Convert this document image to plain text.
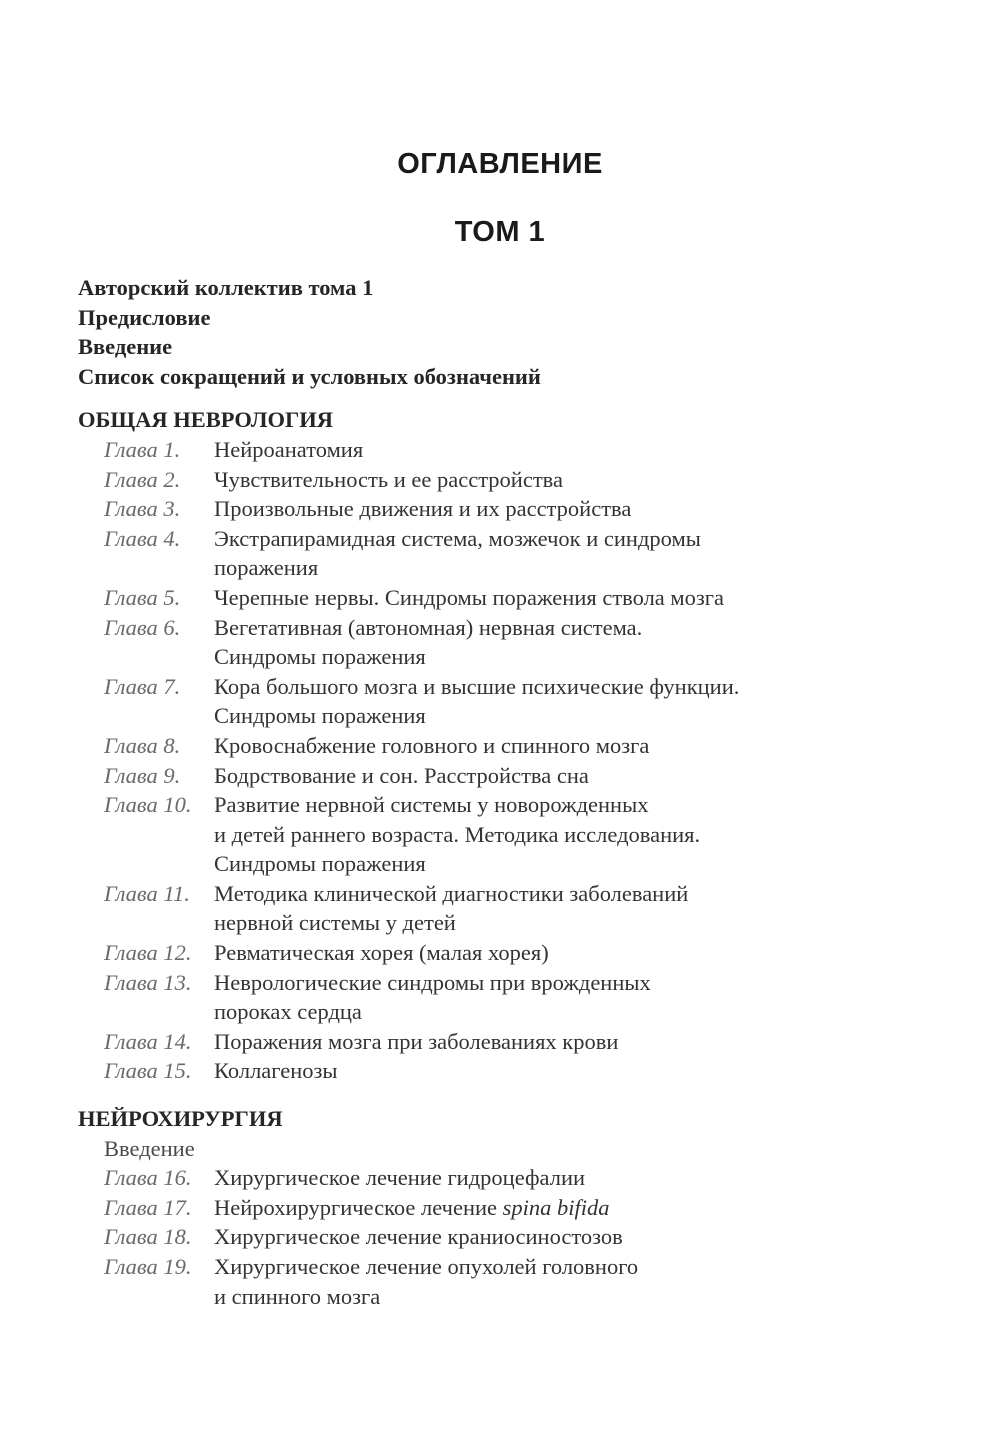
ОГЛАВЛЕНИЕ
ТОМ 1
Авторский коллектив тома 1
Предисловие
Введение
Список сокращений и условных обозначений
ОБЩАЯ НЕВРОЛОГИЯ
Глава 1.	Нейроанатомия
Глава 2.	Чувствительность и ее расстройства
Глава 3.	Произвольные движения и их расстройства
Глава 4.	Экстрапирамидная система, мозжечок и синдромы
поражения
Глава 5.	Черепные нервы. Синдромы поражения ствола мозга
Глава 6.	Вегетативная (автономная) нервная система.
Синдромы поражения
Глава 7.	Кора большого мозга и высшие психические функции.
Синдромы поражения
Глава 8.	Кровоснабжение головного и спинного мозга
Глава 9.	Бодрствование и сон. Расстройства сна
Глава 10. Развитие нервной системы у новорожденных
и детей раннего возраста. Методика исследования.
Синдромы поражения
Глава 11.	Методика клинической диагностики заболеваний
нервной системы у детей
Глава 12. Ревматическая хорея (малая хорея)
Глава 13. Неврологические синдромы при врожденных
пороках сердца
Глава 14. Поражения мозга при заболеваниях крови
Глава 15. Коллагенозы
НЕЙРОХИРУРГИЯ
Введение
Глава 16. Хирургическое лечение гидроцефалии
Глава 17. Нейрохирургическое лечение spina bifida
Глава 18. Хирургическое лечение краниосиностозов
Глава 19. Хирургическое лечение опухолей головного
и спинного мозга
